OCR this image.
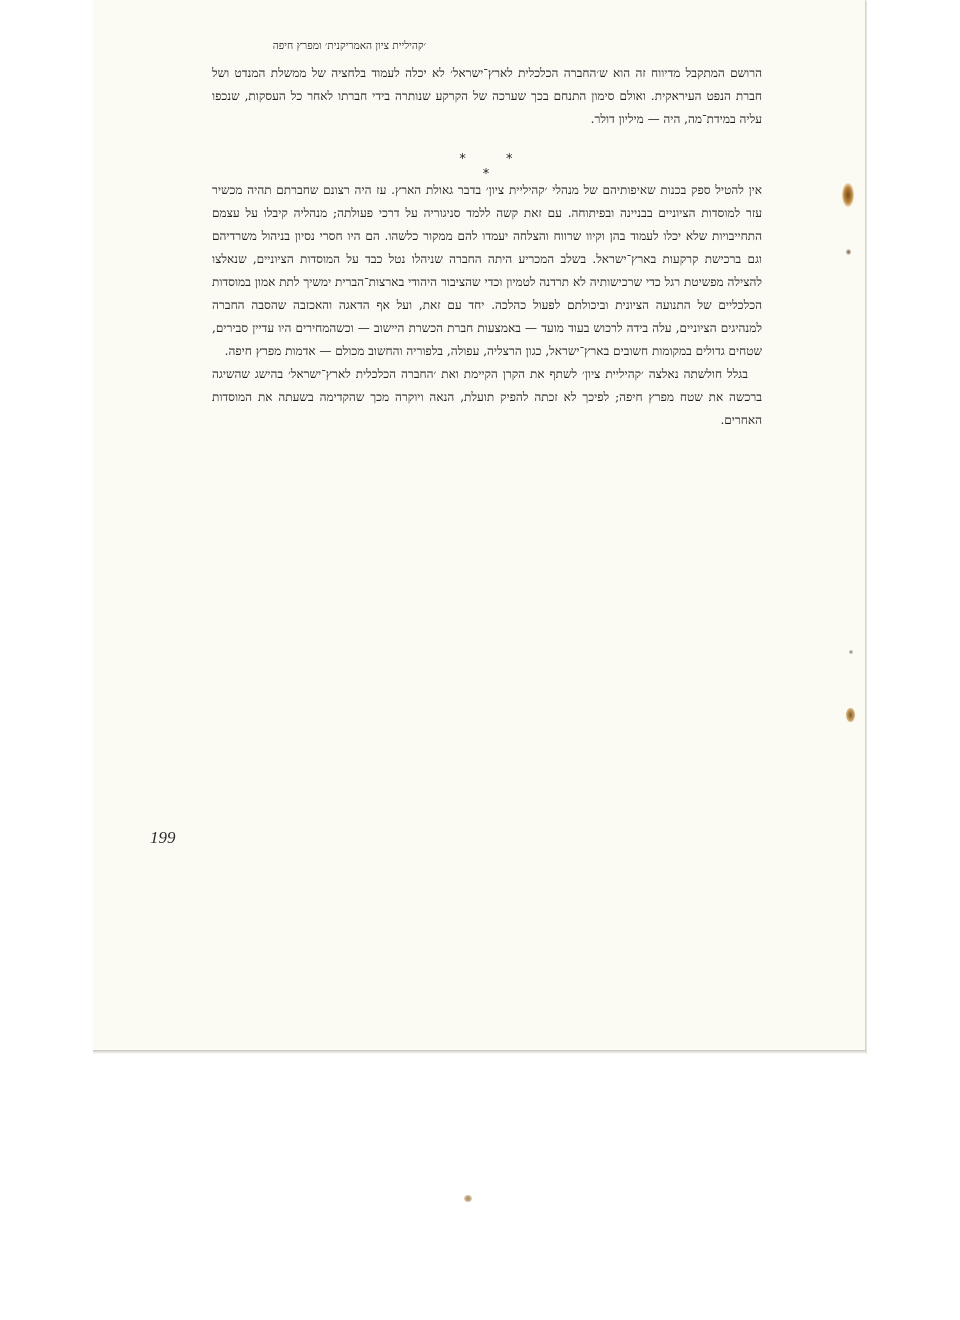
׳קהיליית ציון האמריקנית׳ ומפרץ חיפה

הרושם המתקבל מדיווח זה הוא ש׳החברה הכלכלית לארץ־ישראל׳ לא יכלה לעמוד בלחציה של ממשלת המנדט ושל חברת הנפט העיראקית. ואולם סימון התנחם בכך שערכה של הקרקע שנותרה בידי חברתו לאחר כל העסקות, שנכפו עליה במידת־מה, היה — מיליון דולר.

* * *

אין להטיל ספק בכנות שאיפותיהם של מנהלי ׳קהיליית ציון׳ בדבר גאולת הארץ. עז היה רצונם שחברתם תהיה מכשיר עזר למוסדות הציוניים בבניינה ובפיתוחה. עם זאת קשה ללמד סניגוריה על דרכי פעולתה; מנהליה קיבלו על עצמם התחייבויות שלא יכלו לעמוד בהן וקיוו שרווח והצלחה יעמדו להם ממקור כלשהו. הם היו חסרי נסיון בניהול משרדיהם וגם ברכישת קרקעות בארץ־ישראל. בשלב המכריע היתה החברה שניהלו נטל כבד על המוסדות הציוניים, שנאלצו להצילה מפשיטת רגל כדי שרכישותיה לא תרדנה לטמיון וכדי שהציבור היהודי בארצות־הברית ימשיך לתת אמון במוסדות הכלכליים של התנועה הציונית וביכולתם לפעול כהלכה. יחד עם זאת, ועל אף הדאגה והאכזבה שהסבה החברה למנהיגים הציוניים, עלה בידה לרכוש בעוד מועד — באמצעות חברת הכשרת היישוב — וכשהמחירים היו עדיין סבירים, שטחים גדולים במקומות חשובים בארץ־ישראל, כגון הרצליה, עפולה, בלפוריה והחשוב מכולם — אדמות מפרץ חיפה.

בגלל חולשתה נאלצה ׳קהיליית ציון׳ לשתף את הקרן הקיימת ואת ׳החברה הכלכלית לארץ־ישראל׳ בהישג שהשיגה ברכשה את שטח מפרץ חיפה; לפיכך לא זכתה להפיק תועלת, הנאה ויוקרה מכך שהקדימה בשעתה את המוסדות האחרים.

199
